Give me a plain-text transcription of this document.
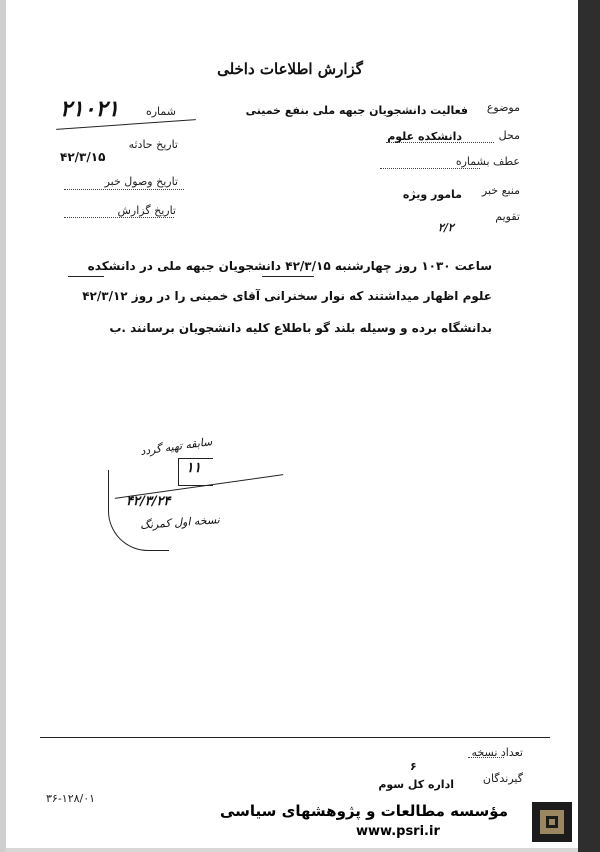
گزارش اطلاعات داخلی
موضوع
فعالیت دانشجویان جبهه ملی بنفع خمینی
محل
دانشکده علوم
عطف بشماره
منبع خبر
مامور ویژه
تقویم
۲/۲
شماره
۲۱۰۲۱
تاریخ حادثه
۴۲/۳/۱۵
تاریخ وصول خبر
تاریخ گزارش
ساعت ۱۰۳۰ روز چهارشنبه ۴۲/۳/۱۵ دانشجویان جبهه ملی در دانشکده
علوم اظهار میداشتند که نوار سخنرانی آقای خمینی را در روز ۴۲/۳/۱۲
بدانشگاه برده و وسیله بلند گو باطلاع کلیه دانشجویان برسانند .ب
سابقه تهیه گردد
۱۱
۴۲/۳/۲۴
نسخه اول کمرنگ
تعداد نسخه
۶
گیرندگان
اداره کل سوم
۳۶-۱۲۸/۰۱
مؤسسه مطالعات و پژوهشهای سیاسی
www.psri.ir
